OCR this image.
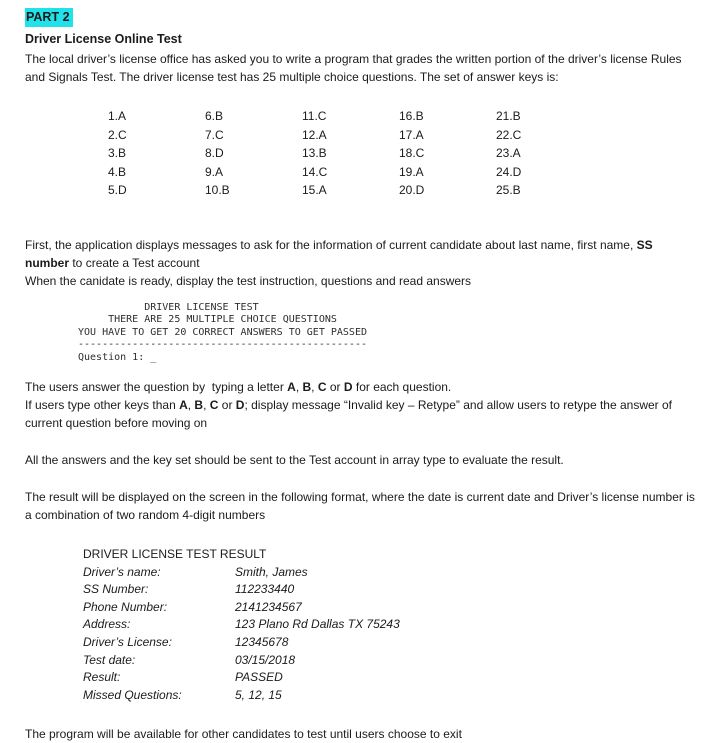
PART 2
Driver License Online Test
The local driver’s license office has asked you to write a program that grades the written portion of the driver’s license Rules and Signals Test. The driver license test has 25 multiple choice questions. The set of answer keys is:
1.A	6.B	11.C	16.B	21.B
2.C	7.C	12.A	17.A	22.C
3.B	8.D	13.B	18.C	23.A
4.B	9.A	14.C	19.A	24.D
5.D	10.B	15.A	20.D	25.B
First, the application displays messages to ask for the information of current candidate about last name, first name, SS number to create a Test account
When the canidate is ready, display the test instruction, questions and read answers
DRIVER LICENSE TEST
THERE ARE 25 MULTIPLE CHOICE QUESTIONS
YOU HAVE TO GET 20 CORRECT ANSWERS TO GET PASSED
------------------------------------------------
Question 1: _
The users answer the question by  typing a letter A, B, C or D for each question.
If users type other keys than A, B, C or D; display message “Invalid key – Retype” and allow users to retype the answer of current question before moving on
All the answers and the key set should be sent to the Test account in array type to evaluate the result.
The result will be displayed on the screen in the following format, where the date is current date and Driver’s license number is a combination of two random 4-digit numbers
DRIVER LICENSE TEST RESULT
Driver’s name:	Smith, James
SS Number:	112233440
Phone Number:	2141234567
Address:	123 Plano Rd Dallas TX 75243
Driver’s License:	12345678
Test date:	03/15/2018
Result:	PASSED
Missed Questions:	5, 12, 15
The program will be available for other candidates to test until users choose to exit
